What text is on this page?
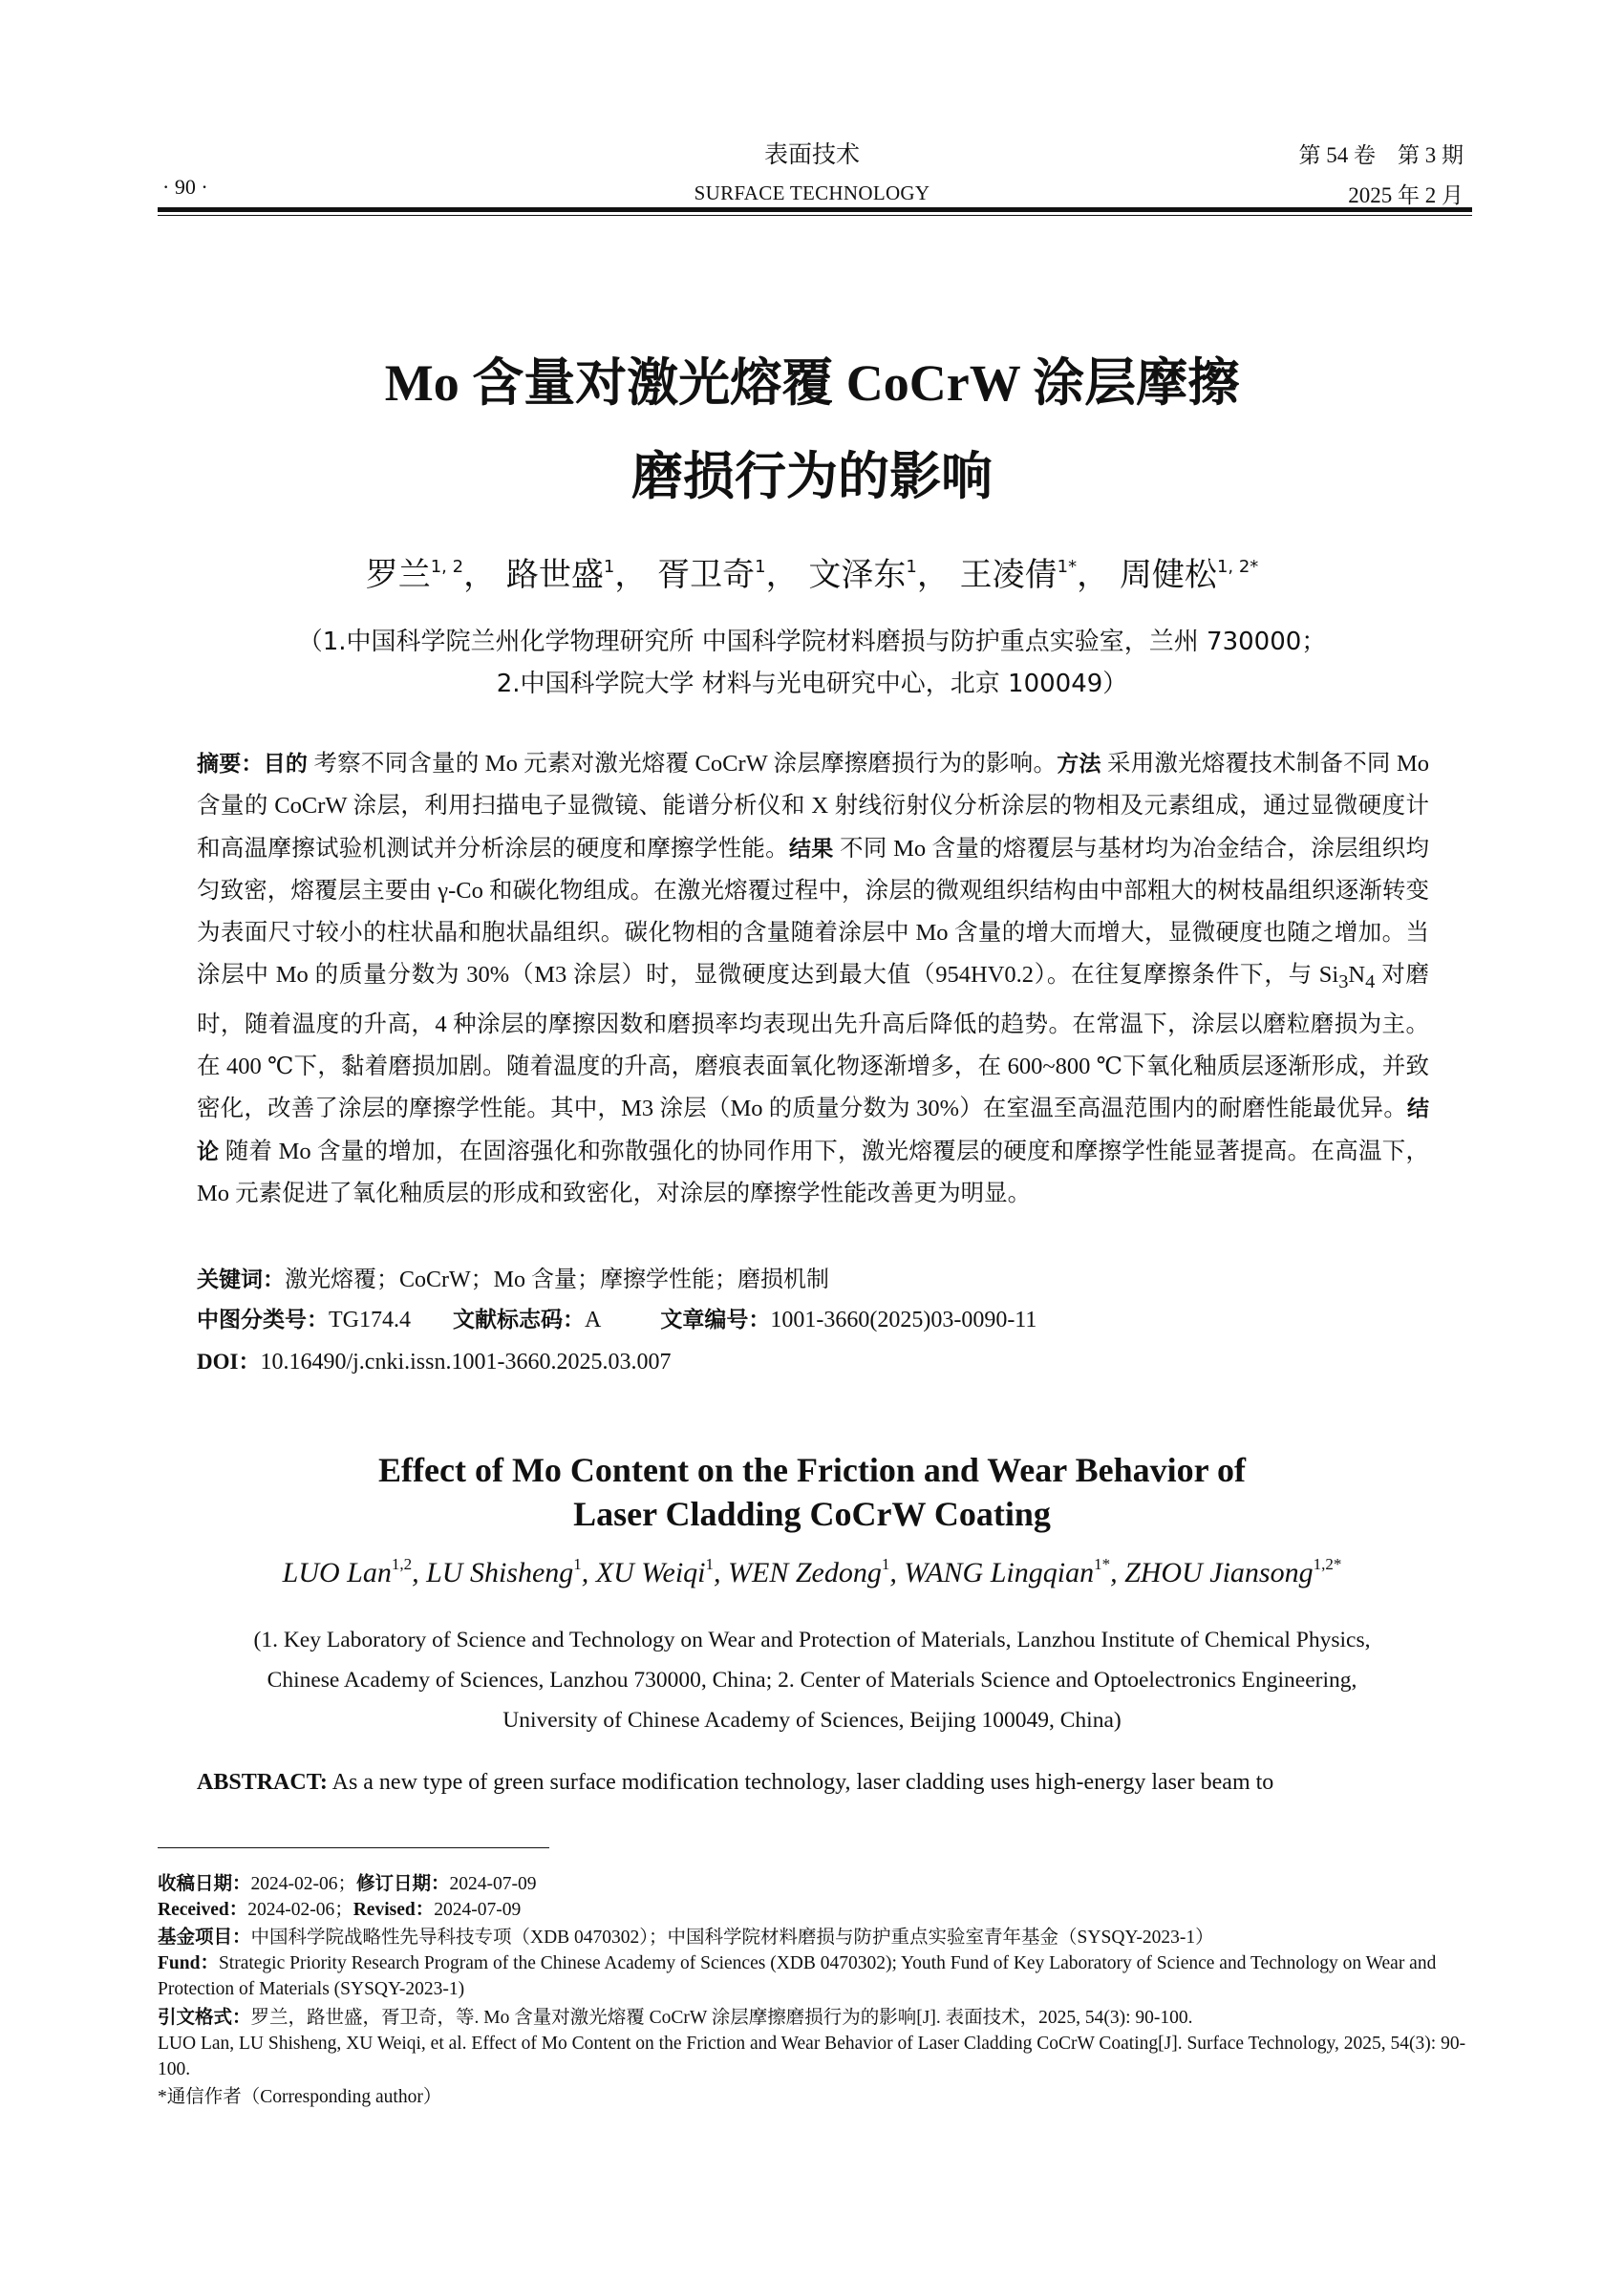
· 90 ·
表面技术
SURFACE TECHNOLOGY
第 54 卷　第 3 期
2025 年 2 月
Mo 含量对激光熔覆 CoCrW 涂层摩擦
磨损行为的影响
罗兰$^{1, 2}$， 路世盛$^1$， 胥卫奇$^1$， 文泽东$^1$， 王凌倩$^{1*}$， 周健松$^{1, 2*}$
（1.中国科学院兰州化学物理研究所 中国科学院材料磨损与防护重点实验室，兰州 730000；
2.中国科学院大学 材料与光电研究中心，北京 100049）
摘要：目的 考察不同含量的 Mo 元素对激光熔覆 CoCrW 涂层摩擦磨损行为的影响。方法 采用激光熔覆技术制备不同 Mo 含量的 CoCrW 涂层，利用扫描电子显微镜、能谱分析仪和 X 射线衍射仪分析涂层的物相及元素组成，通过显微硬度计和高温摩擦试验机测试并分析涂层的硬度和摩擦学性能。结果 不同 Mo 含量的熔覆层与基材均为冶金结合，涂层组织均匀致密，熔覆层主要由 γ-Co 和碳化物组成。在激光熔覆过程中，涂层的微观组织结构由中部粗大的树枝晶组织逐渐转变为表面尺寸较小的柱状晶和胞状晶组织。碳化物相的含量随着涂层中 Mo 含量的增大而增大，显微硬度也随之增加。当涂层中 Mo 的质量分数为 30%（M3 涂层）时，显微硬度达到最大值（954HV0.2）。在往复摩擦条件下，与 $Si_3N_4$ 对磨时，随着温度的升高，4 种涂层的摩擦因数和磨损率均表现出先升高后降低的趋势。在常温下，涂层以磨粒磨损为主。在 400 ℃下，黏着磨损加剧。随着温度的升高，磨痕表面氧化物逐渐增多，在 600~800 ℃下氧化釉质层逐渐形成，并致密化，改善了涂层的摩擦学性能。其中，M3 涂层（Mo 的质量分数为 30%）在室温至高温范围内的耐磨性能最优异。结论 随着 Mo 含量的增加，在固溶强化和弥散强化的协同作用下，激光熔覆层的硬度和摩擦学性能显著提高。在高温下，Mo 元素促进了氧化釉质层的形成和致密化，对涂层的摩擦学性能改善更为明显。
关键词：激光熔覆；CoCrW；Mo 含量；摩擦学性能；磨损机制
中图分类号：TG174.4 文献标志码：A	文章编号：1001-3660(2025)03-0090-11
DOI：10.16490/j.cnki.issn.1001-3660.2025.03.007
Effect of Mo Content on the Friction and Wear Behavior of
Laser Cladding CoCrW Coating
LUO Lan$^{1,2}$, LU Shisheng$^1$, XU Weiqi$^1$, WEN Zedong$^1$, WANG Lingqian$^{1*}$, ZHOU Jiansong$^{1,2*}$
(1. Key Laboratory of Science and Technology on Wear and Protection of Materials, Lanzhou Institute of Chemical Physics,
Chinese Academy of Sciences, Lanzhou 730000, China; 2. Center of Materials Science and Optoelectronics Engineering,
University of Chinese Academy of Sciences, Beijing 100049, China)
ABSTRACT: As a new type of green surface modification technology, laser cladding uses high-energy laser beam to
收稿日期：2024-02-06；修订日期：2024-07-09
Received：2024-02-06；Revised：2024-07-09
基金项目：中国科学院战略性先导科技专项（XDB 0470302）；中国科学院材料磨损与防护重点实验室青年基金（SYSQY-2023-1）
Fund：Strategic Priority Research Program of the Chinese Academy of Sciences (XDB 0470302); Youth Fund of Key Laboratory of Science and Technology on Wear and Protection of Materials (SYSQY-2023-1)
引文格式：罗兰，路世盛，胥卫奇，等. Mo 含量对激光熔覆 CoCrW 涂层摩擦磨损行为的影响[J]. 表面技术，2025, 54(3): 90-100.
LUO Lan, LU Shisheng, XU Weiqi, et al. Effect of Mo Content on the Friction and Wear Behavior of Laser Cladding CoCrW Coating[J]. Surface Technology, 2025, 54(3): 90-100.
*通信作者（Corresponding author）
